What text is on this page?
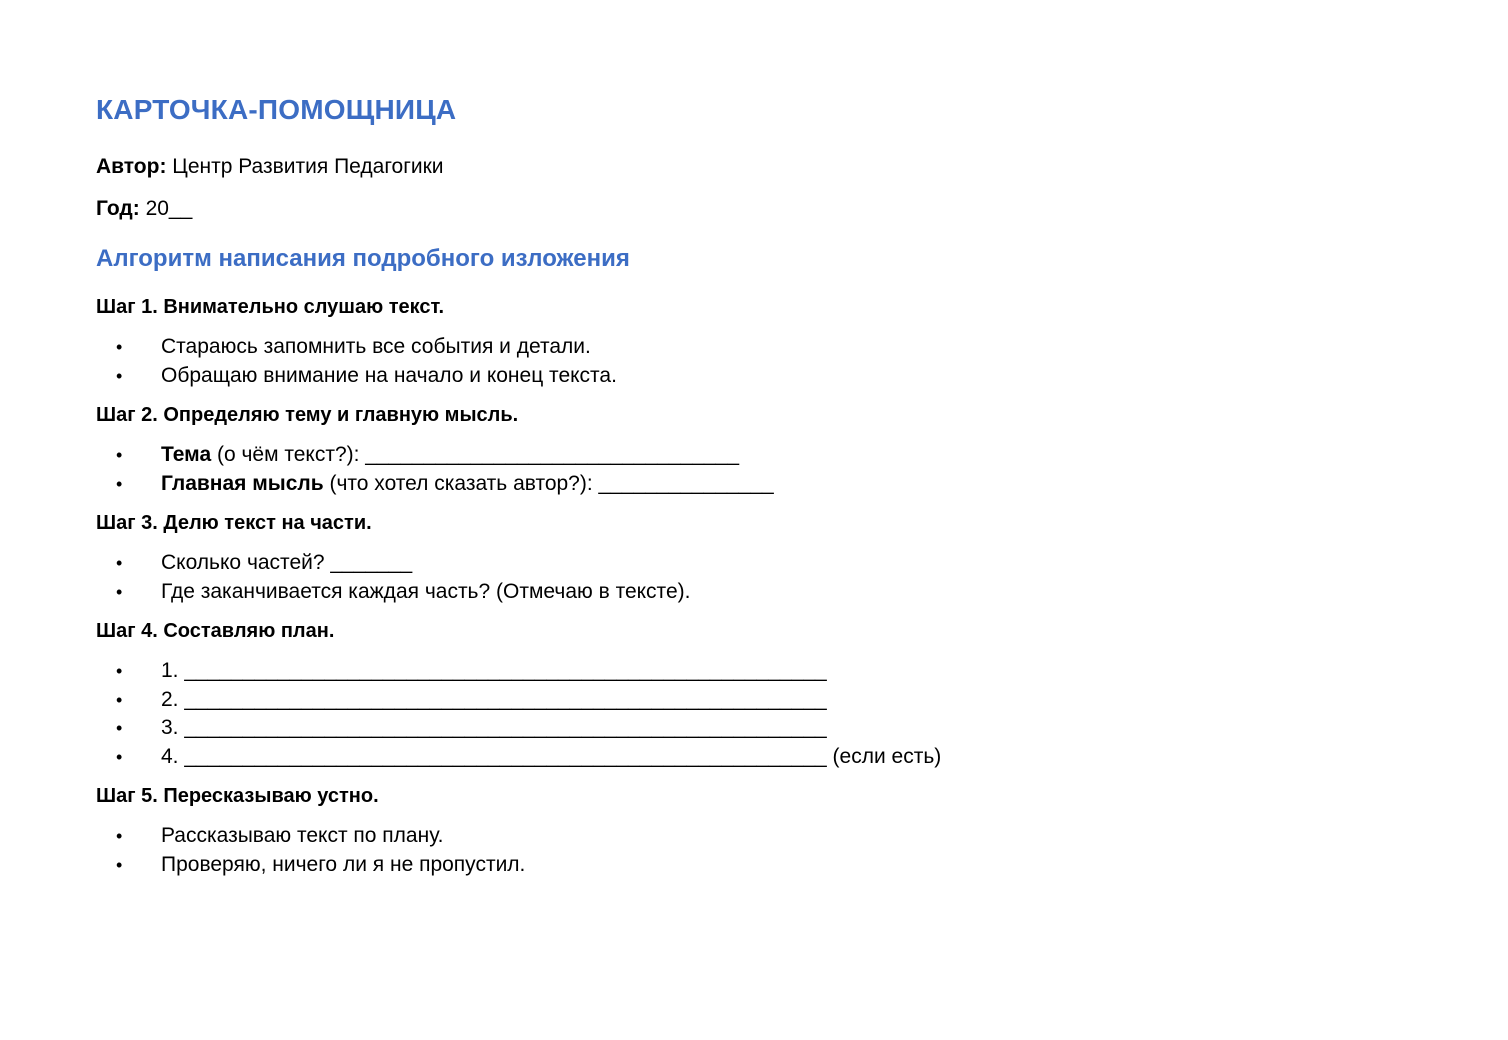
КАРТОЧКА-ПОМОЩНИЦА

Автор: Центр Развития Педагогики

Год: 20__

Алгоритм написания подробного изложения
Шаг 1. Внимательно слушаю текст.
• Стараюсь запомнить все события и детали.
• Обращаю внимание на начало и конец текста.
Шаг 2. Определяю тему и главную мысль.
• Тема (о чём текст?): ________________________________
• Главная мысль (что хотел сказать автор?): _______________
Шаг 3. Делю текст на части.
• Сколько частей? _______
• Где заканчивается каждая часть? (Отмечаю в тексте).
Шаг 4. Составляю план.
• 1. _______________________________________________________
• 2. _______________________________________________________
• 3. _______________________________________________________
• 4. _______________________________________________________ (если есть)
Шаг 5. Пересказываю устно.
• Рассказываю текст по плану.
• Проверяю, ничего ли я не пропустил.
